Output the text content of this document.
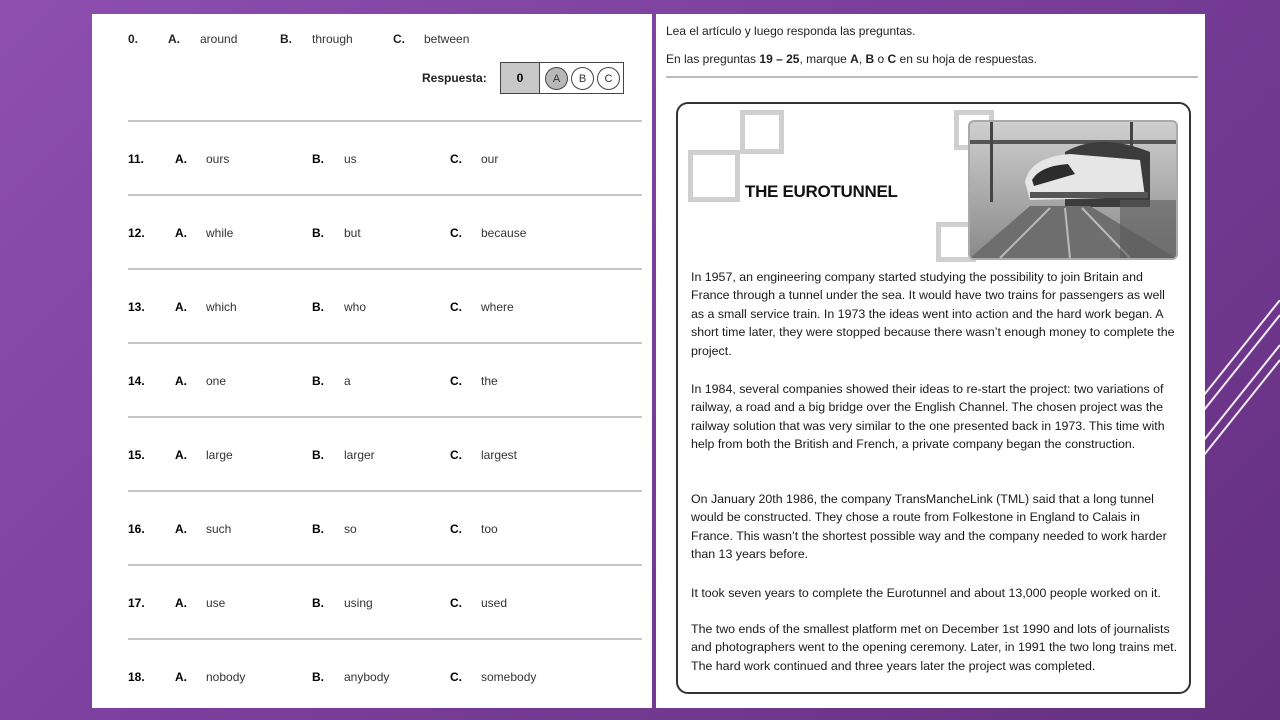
0. A. around	B. through	C. between
Respuesta:	0	A	B	C
11.	A. ours	B. us	C. our
12.	A. while	B. but	C. because
13.	A. which	B. who	C. where
14.	A. one	B. a	C. the
15.	A. large	B. larger	C. largest
16.	A. such	B. so	C. too
17.	A. use	B. using	C. used
18.	A. nobody	B. anybody	C. somebody
Lea el artículo y luego responda las preguntas.
En las preguntas 19 – 25, marque A, B o C en su hoja de respuestas.
THE EUROTUNNEL
In 1957, an engineering company started studying the possibility to join Britain and France through a tunnel under the sea. It would have two trains for passengers as well as a small service train. In 1973 the ideas went into action and the hard work began. A short time later, they were stopped because there wasn’t enough money to complete the project.
In 1984, several companies showed their ideas to re-start the project: two variations of railway, a road and a big bridge over the English Channel. The chosen project was the railway solution that was very similar to the one presented back in 1973. This time with help from both the British and French, a private company began the construction.
On January 20th 1986, the company TransMancheLink (TML) said that a long tunnel would be constructed. They chose a route from Folkestone in England to Calais in France. This wasn’t the shortest possible way and the company needed to work harder than 13 years before.
It took seven years to complete the Eurotunnel and about 13,000 people worked on it.
The two ends of the smallest platform met on December 1st 1990 and lots of journalists and photographers went to the opening ceremony. Later, in 1991 the two long trains met. The hard work continued and three years later the project was completed.
